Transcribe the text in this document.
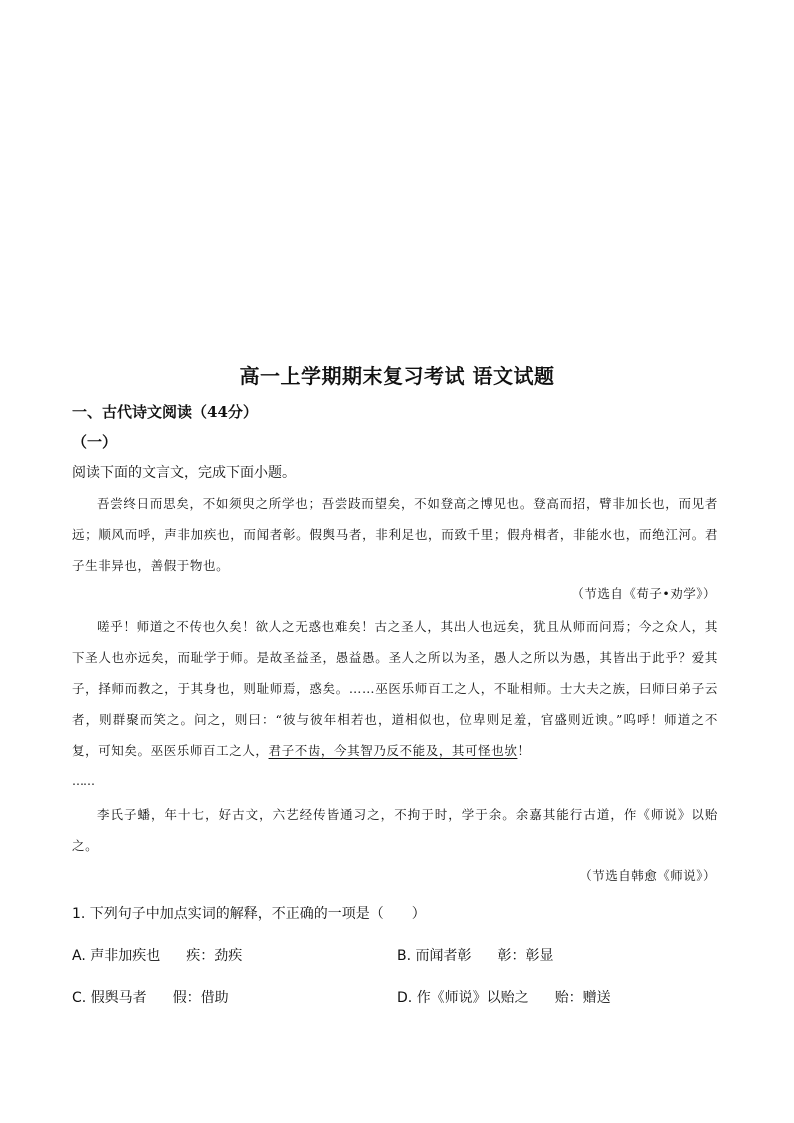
高一上学期期末复习考试 语文试题
一、古代诗文阅读（44分）
（一）
阅读下面的文言文，完成下面小题。
吾尝终日而思矣，不如须臾之所学也；吾尝跂而望矣，不如登高之博见也。登高而招，臂非加长也，而见者远；顺风而呼，声非加疾也，而闻者彰。假舆马者，非利足也，而致千里；假舟楫者，非能水也，而绝江河。君子生非异也，善假于物也。
（节选自《荀子•劝学》）
嗟乎！师道之不传也久矣！欲人之无惑也难矣！古之圣人，其出人也远矣，犹且从师而问焉；今之众人，其下圣人也亦远矣，而耻学于师。是故圣益圣，愚益愚。圣人之所以为圣，愚人之所以为愚，其皆出于此乎？爱其子，择师而教之，于其身也，则耻师焉，惑矣。……巫医乐师百工之人，不耻相师。士大夫之族，曰师曰弟子云者，则群聚而笑之。问之，则曰：“彼与彼年相若也，道相似也，位卑则足羞，官盛则近谀。”呜呼！师道之不复，可知矣。巫医乐师百工之人，君子不齿，今其智乃反不能及，其可怪也欤！
……
李氏子蟠，年十七，好古文，六艺经传皆通习之，不拘于时，学于余。余嘉其能行古道，作《师说》以贻之。
（节选自韩愈《师说》）
1. 下列句子中加点实词的解释，不正确的一项是（　　）
A. 声非加疾也 疾：劲疾	B. 而闻者彰 彰：彰显
C. 假舆马者 假：借助	D. 作《师说》以贻之 贻：赠送
